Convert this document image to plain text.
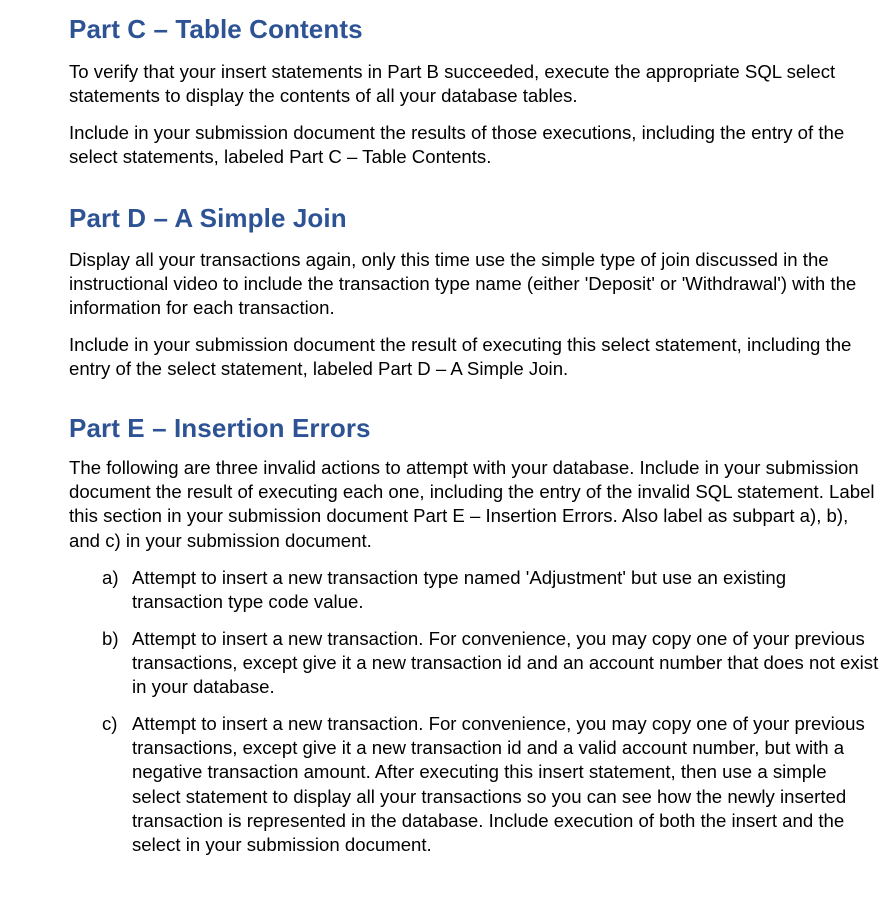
Part C – Table Contents

To verify that your insert statements in Part B succeeded, execute the appropriate SQL select statements to display the contents of all your database tables.

Include in your submission document the results of those executions, including the entry of the select statements, labeled Part C – Table Contents.

Part D – A Simple Join

Display all your transactions again, only this time use the simple type of join discussed in the instructional video to include the transaction type name (either 'Deposit' or 'Withdrawal') with the information for each transaction.

Include in your submission document the result of executing this select statement, including the entry of the select statement, labeled Part D – A Simple Join.

Part E – Insertion Errors

The following are three invalid actions to attempt with your database. Include in your submission document the result of executing each one, including the entry of the invalid SQL statement. Label this section in your submission document Part E – Insertion Errors. Also label as subpart a), b), and c) in your submission document.

a) Attempt to insert a new transaction type named 'Adjustment' but use an existing transaction type code value.
b) Attempt to insert a new transaction. For convenience, you may copy one of your previous transactions, except give it a new transaction id and an account number that does not exist in your database.
c) Attempt to insert a new transaction. For convenience, you may copy one of your previous transactions, except give it a new transaction id and a valid account number, but with a negative transaction amount. After executing this insert statement, then use a simple select statement to display all your transactions so you can see how the newly inserted transaction is represented in the database. Include execution of both the insert and the select in your submission document.
